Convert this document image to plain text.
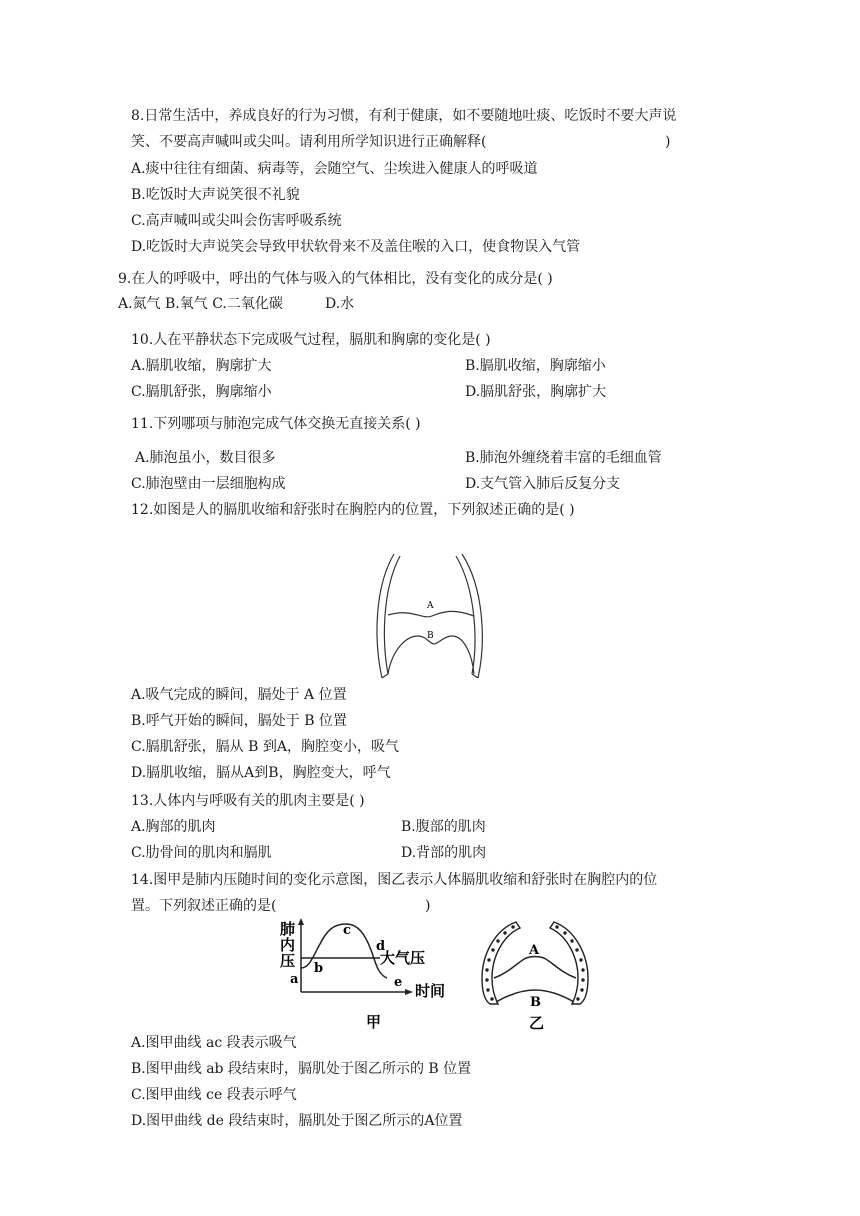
8.日常生活中，养成良好的行为习惯，有利于健康，如不要随地吐痰、吃饭时不要大声说
笑、不要高声喊叫或尖叫。请利用所学知识进行正确解释(	)
A.痰中往往有细菌、病毒等，会随空气、尘埃进入健康人的呼吸道
B.吃饭时大声说笑很不礼貌
C.高声喊叫或尖叫会伤害呼吸系统
D.吃饭时大声说笑会导致甲状软骨来不及盖住喉的入口，使食物误入气管
9.在人的呼吸中，呼出的气体与吸入的气体相比，没有变化的成分是( )
A.氮气 B.氧气 C.二氧化碳	D.水
10.人在平静状态下完成吸气过程，膈肌和胸廓的变化是( )
A.膈肌收缩，胸廓扩大	B.膈肌收缩，胸廓缩小
C.膈肌舒张，胸廓缩小	D.膈肌舒张，胸廓扩大
11.下列哪项与肺泡完成气体交换无直接关系( )
A.肺泡虽小，数目很多	B.肺泡外缠绕着丰富的毛细血管
C.肺泡壁由一层细胞构成	D.支气管入肺后反复分支
12.如图是人的膈肌收缩和舒张时在胸腔内的位置，下列叙述正确的是( )
A
B
A.吸气完成的瞬间，膈处于 A 位置
B.呼气开始的瞬间，膈处于 B 位置
C.膈肌舒张，膈从 B 到A，胸腔变小，吸气
D.膈肌收缩，膈从A到B，胸腔变大，呼气
13.人体内与呼吸有关的肌肉主要是( )
A.胸部的肌肉	B.腹部的肌肉
C.肋骨间的肌肉和膈肌	D.背部的肌肉
14.图甲是肺内压随时间的变化示意图，图乙表示人体膈肌收缩和舒张时在胸腔内的位
置。下列叙述正确的是(	)
肺
内
压	大气压
a
b
c
d
e 时间
甲
A
B
乙
A.图甲曲线 ac 段表示吸气
B.图甲曲线 ab 段结束时，膈肌处于图乙所示的 B 位置
C.图甲曲线 ce 段表示呼气
D.图甲曲线 de 段结束时，膈肌处于图乙所示的A位置
